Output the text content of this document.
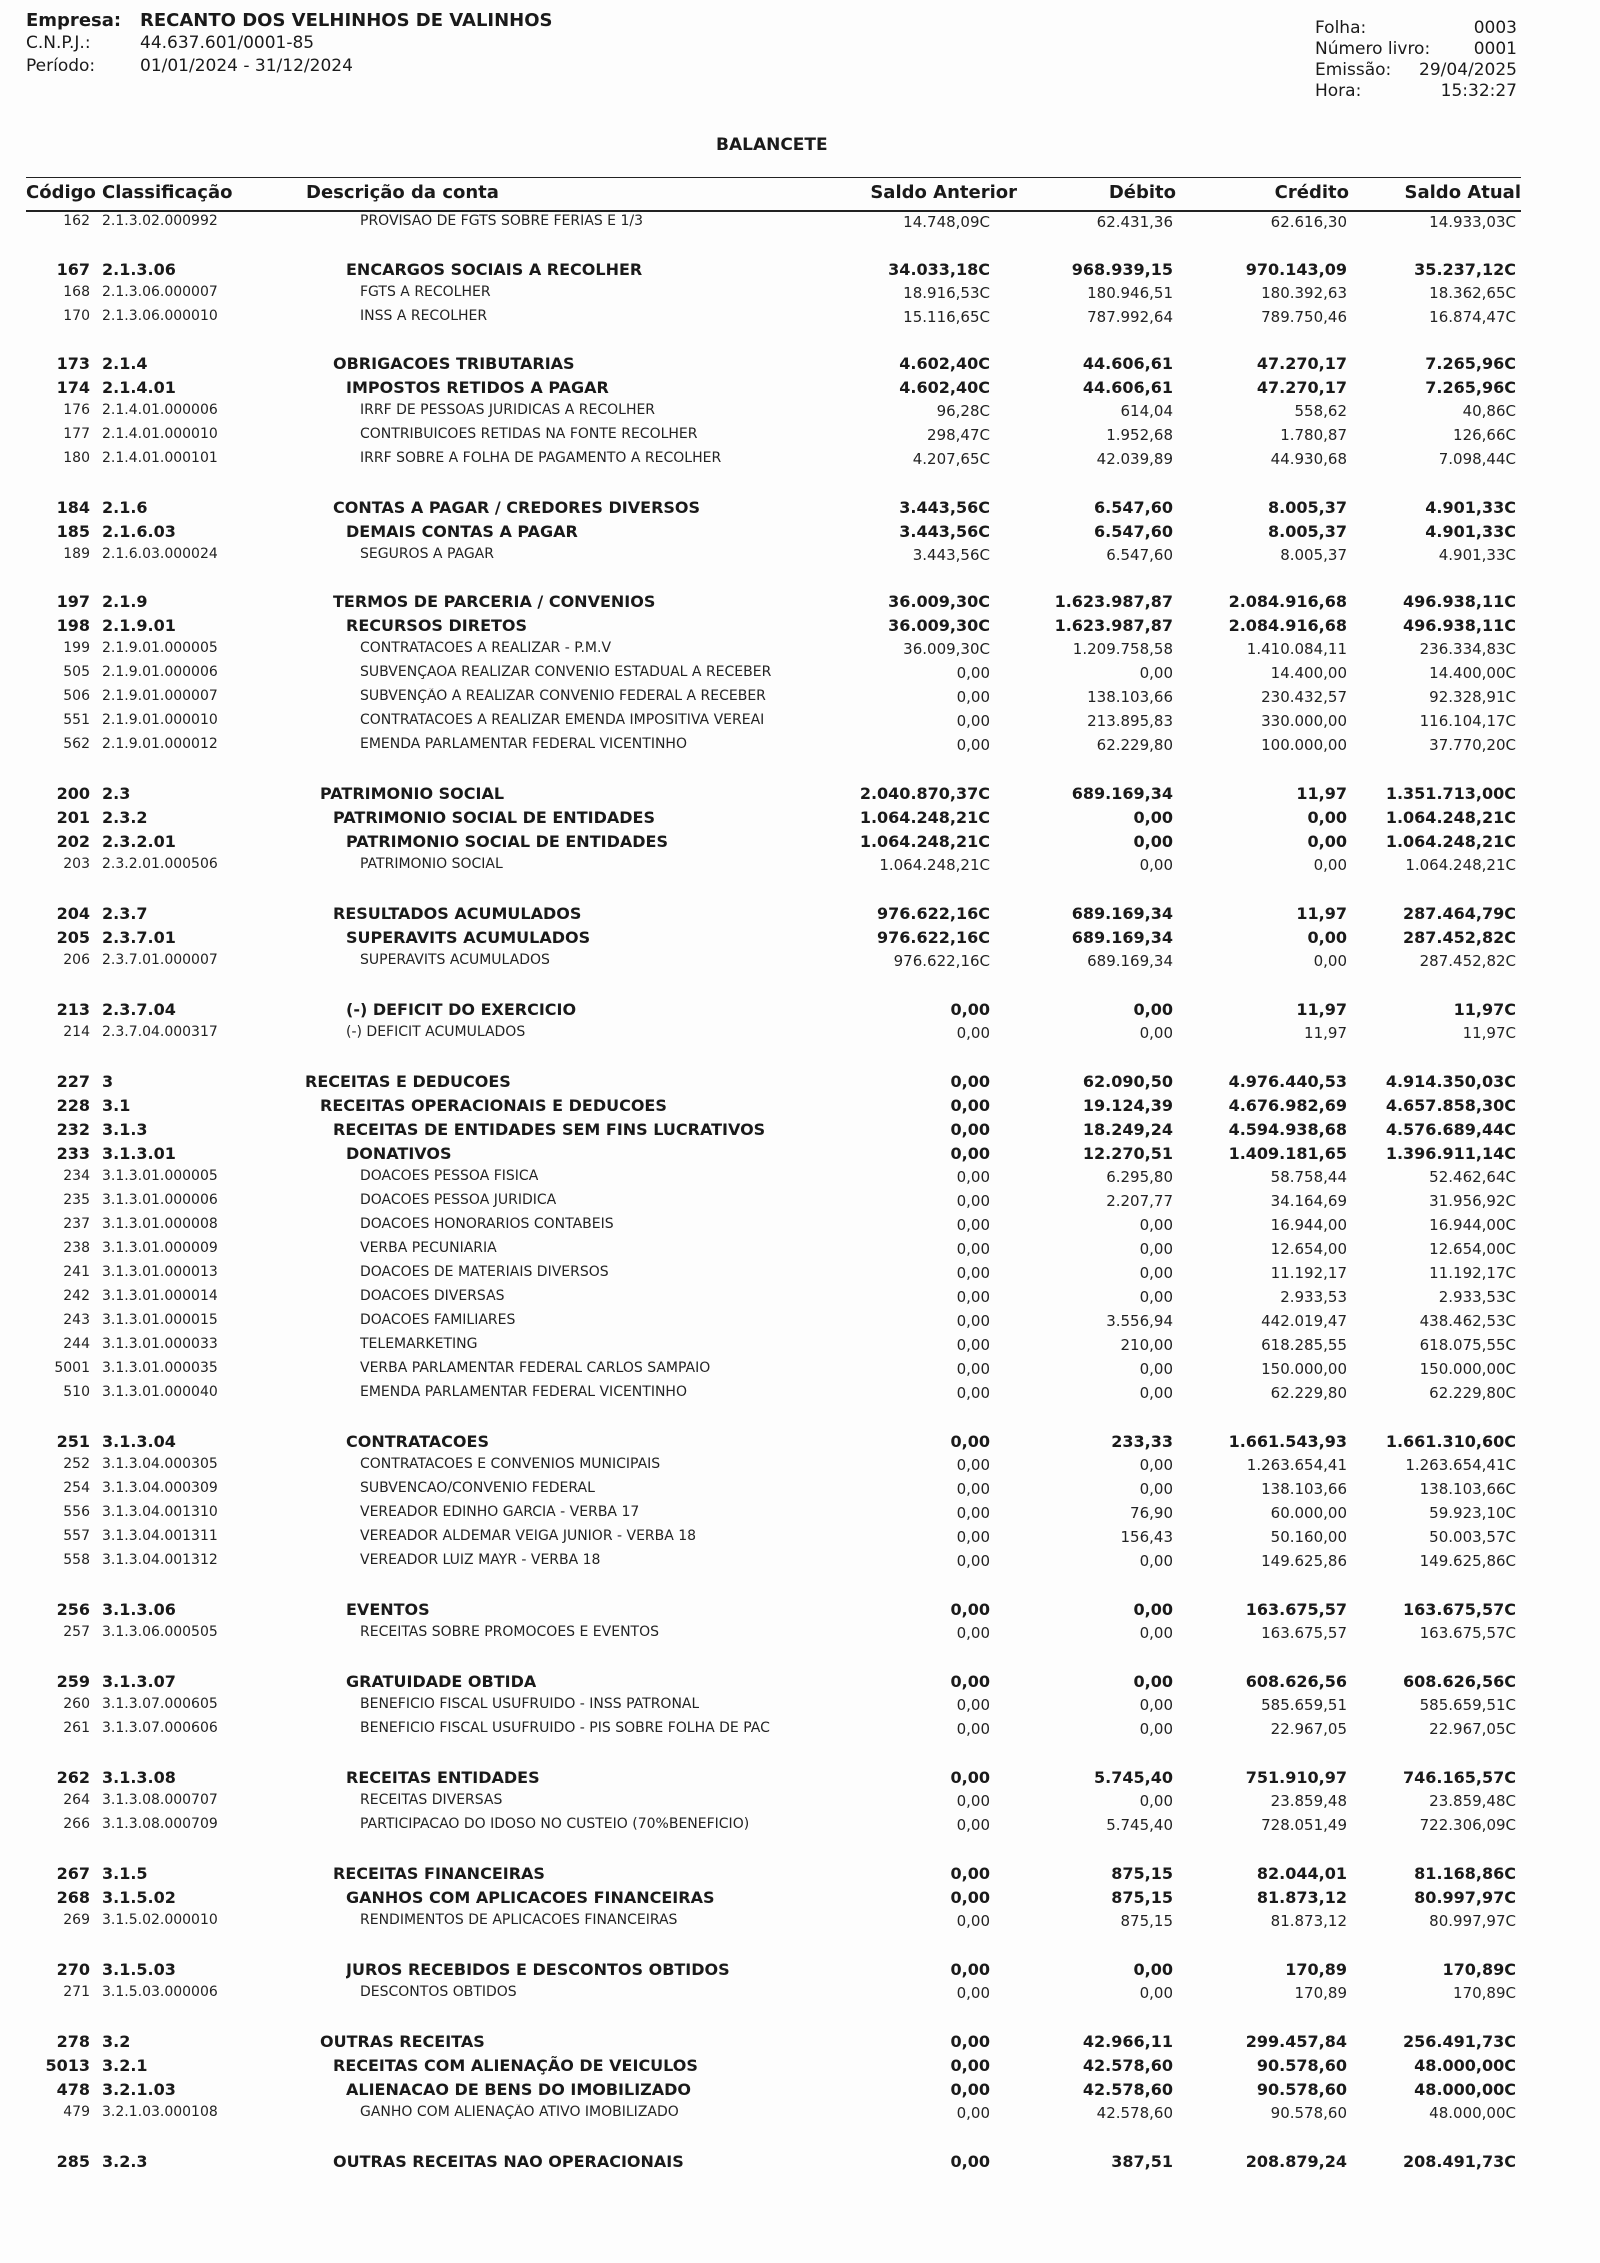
Empresa: RECANTO DOS VELHINHOS DE VALINHOS
C.N.P.J.:	44.637.601/0001-85
Período:	01/01/2024 - 31/12/2024
Folha:	0003
Número livro:	0001
Emissão: 29/04/2025
Hora:	15:32:27
BALANCETE
Código Classificação	Descrição da conta	Saldo Anterior	Débito	Crédito	Saldo Atual
162 2.1.3.02.000992	PROVISAO DE FGTS SOBRE FERIAS E 1/3	14.748,09C	62.431,36	62.616,30	14.933,03C
167 2.1.3.06	ENCARGOS SOCIAIS A RECOLHER	34.033,18C	968.939,15	970.143,09	35.237,12C
168 2.1.3.06.000007	FGTS A RECOLHER	18.916,53C	180.946,51	180.392,63	18.362,65C
170 2.1.3.06.000010	INSS A RECOLHER	15.116,65C	787.992,64	789.750,46	16.874,47C
173 2.1.4	OBRIGACOES TRIBUTARIAS	4.602,40C	44.606,61	47.270,17	7.265,96C
174 2.1.4.01	IMPOSTOS RETIDOS A PAGAR	4.602,40C	44.606,61	47.270,17	7.265,96C
176 2.1.4.01.000006	IRRF DE PESSOAS JURIDICAS A RECOLHER	96,28C	614,04	558,62	40,86C
177 2.1.4.01.000010	CONTRIBUICOES RETIDAS NA FONTE RECOLHER	298,47C	1.952,68	1.780,87	126,66C
180 2.1.4.01.000101	IRRF SOBRE A FOLHA DE PAGAMENTO A RECOLHER	4.207,65C	42.039,89	44.930,68	7.098,44C
184 2.1.6	CONTAS A PAGAR / CREDORES DIVERSOS	3.443,56C	6.547,60	8.005,37	4.901,33C
185 2.1.6.03	DEMAIS CONTAS A PAGAR	3.443,56C	6.547,60	8.005,37	4.901,33C
189 2.1.6.03.000024	SEGUROS A PAGAR	3.443,56C	6.547,60	8.005,37	4.901,33C
197 2.1.9	TERMOS DE PARCERIA / CONVENIOS	36.009,30C	1.623.987,87	2.084.916,68	496.938,11C
198 2.1.9.01	RECURSOS DIRETOS	36.009,30C	1.623.987,87	2.084.916,68	496.938,11C
199 2.1.9.01.000005	CONTRATACOES A REALIZAR - P.M.V	36.009,30C	1.209.758,58	1.410.084,11	236.334,83C
505 2.1.9.01.000006	SUBVENÇAOA REALIZAR CONVENIO ESTADUAL A RECEBER	0,00	0,00	14.400,00	14.400,00C
506 2.1.9.01.000007	SUBVENÇÃO A REALIZAR CONVENIO FEDERAL A RECEBER	0,00	138.103,66	230.432,57	92.328,91C
551 2.1.9.01.000010	CONTRATACOES A REALIZAR EMENDA IMPOSITIVA VEREAI	0,00	213.895,83	330.000,00	116.104,17C
562 2.1.9.01.000012	EMENDA PARLAMENTAR FEDERAL VICENTINHO	0,00	62.229,80	100.000,00	37.770,20C
200 2.3	PATRIMONIO SOCIAL	2.040.870,37C	689.169,34	11,97 1.351.713,00C
201 2.3.2	PATRIMONIO SOCIAL DE ENTIDADES	1.064.248,21C	0,00	0,00 1.064.248,21C
202 2.3.2.01	PATRIMONIO SOCIAL DE ENTIDADES	1.064.248,21C	0,00	0,00 1.064.248,21C
203 2.3.2.01.000506	PATRIMONIO SOCIAL	1.064.248,21C	0,00	0,00	1.064.248,21C
204 2.3.7	RESULTADOS ACUMULADOS	976.622,16C	689.169,34	11,97	287.464,79C
205 2.3.7.01	SUPERAVITS ACUMULADOS	976.622,16C	689.169,34	0,00	287.452,82C
206 2.3.7.01.000007	SUPERAVITS ACUMULADOS	976.622,16C	689.169,34	0,00	287.452,82C
213 2.3.7.04	(-) DEFICIT DO EXERCICIO	0,00	0,00	11,97	11,97C
214 2.3.7.04.000317	(-) DEFICIT ACUMULADOS	0,00	0,00	11,97	11,97C
227 3	RECEITAS E DEDUCOES	0,00	62.090,50	4.976.440,53 4.914.350,03C
228 3.1	RECEITAS OPERACIONAIS E DEDUCOES	0,00	19.124,39	4.676.982,69 4.657.858,30C
232 3.1.3	RECEITAS DE ENTIDADES SEM FINS LUCRATIVOS	0,00	18.249,24	4.594.938,68 4.576.689,44C
233 3.1.3.01	DONATIVOS	0,00	12.270,51	1.409.181,65 1.396.911,14C
234 3.1.3.01.000005	DOACOES PESSOA FISICA	0,00	6.295,80	58.758,44	52.462,64C
235 3.1.3.01.000006	DOACOES PESSOA JURIDICA	0,00	2.207,77	34.164,69	31.956,92C
237 3.1.3.01.000008	DOACOES HONORARIOS CONTABEIS	0,00	0,00	16.944,00	16.944,00C
238 3.1.3.01.000009	VERBA PECUNIARIA	0,00	0,00	12.654,00	12.654,00C
241 3.1.3.01.000013	DOACOES DE MATERIAIS DIVERSOS	0,00	0,00	11.192,17	11.192,17C
242 3.1.3.01.000014	DOACOES DIVERSAS	0,00	0,00	2.933,53	2.933,53C
243 3.1.3.01.000015	DOACOES FAMILIARES	0,00	3.556,94	442.019,47	438.462,53C
244 3.1.3.01.000033	TELEMARKETING	0,00	210,00	618.285,55	618.075,55C
5001 3.1.3.01.000035	VERBA PARLAMENTAR FEDERAL CARLOS SAMPAIO	0,00	0,00	150.000,00	150.000,00C
510 3.1.3.01.000040	EMENDA PARLAMENTAR FEDERAL VICENTINHO	0,00	0,00	62.229,80	62.229,80C
251 3.1.3.04	CONTRATACOES	0,00	233,33	1.661.543,93 1.661.310,60C
252 3.1.3.04.000305	CONTRATACOES E CONVENIOS MUNICIPAIS	0,00	0,00	1.263.654,41	1.263.654,41C
254 3.1.3.04.000309	SUBVENCAO/CONVENIO FEDERAL	0,00	0,00	138.103,66	138.103,66C
556 3.1.3.04.001310	VEREADOR EDINHO GARCIA - VERBA 17	0,00	76,90	60.000,00	59.923,10C
557 3.1.3.04.001311	VEREADOR ALDEMAR VEIGA JUNIOR - VERBA 18	0,00	156,43	50.160,00	50.003,57C
558 3.1.3.04.001312	VEREADOR LUIZ MAYR - VERBA 18	0,00	0,00	149.625,86	149.625,86C
256 3.1.3.06	EVENTOS	0,00	0,00	163.675,57	163.675,57C
257 3.1.3.06.000505	RECEITAS SOBRE PROMOCOES E EVENTOS	0,00	0,00	163.675,57	163.675,57C
259 3.1.3.07	GRATUIDADE OBTIDA	0,00	0,00	608.626,56	608.626,56C
260 3.1.3.07.000605	BENEFICIO FISCAL USUFRUIDO - INSS PATRONAL	0,00	0,00	585.659,51	585.659,51C
261 3.1.3.07.000606	BENEFICIO FISCAL USUFRUIDO - PIS SOBRE FOLHA DE PAC	0,00	0,00	22.967,05	22.967,05C
262 3.1.3.08	RECEITAS ENTIDADES	0,00	5.745,40	751.910,97	746.165,57C
264 3.1.3.08.000707	RECEITAS DIVERSAS	0,00	0,00	23.859,48	23.859,48C
266 3.1.3.08.000709	PARTICIPACAO DO IDOSO NO CUSTEIO (70%BENEFICIO)	0,00	5.745,40	728.051,49	722.306,09C
267 3.1.5	RECEITAS FINANCEIRAS	0,00	875,15	82.044,01	81.168,86C
268 3.1.5.02	GANHOS COM APLICACOES FINANCEIRAS	0,00	875,15	81.873,12	80.997,97C
269 3.1.5.02.000010	RENDIMENTOS DE APLICACOES FINANCEIRAS	0,00	875,15	81.873,12	80.997,97C
270 3.1.5.03	JUROS RECEBIDOS E DESCONTOS OBTIDOS	0,00	0,00	170,89	170,89C
271 3.1.5.03.000006	DESCONTOS OBTIDOS	0,00	0,00	170,89	170,89C
278 3.2	OUTRAS RECEITAS	0,00	42.966,11	299.457,84	256.491,73C
5013 3.2.1	RECEITAS COM ALIENAÇÃO DE VEICULOS	0,00	42.578,60	90.578,60	48.000,00C
478 3.2.1.03	ALIENACAO DE BENS DO IMOBILIZADO	0,00	42.578,60	90.578,60	48.000,00C
479 3.2.1.03.000108	GANHO COM ALIENAÇÃO ATIVO IMOBILIZADO	0,00	42.578,60	90.578,60	48.000,00C
285 3.2.3	OUTRAS RECEITAS NAO OPERACIONAIS	0,00	387,51	208.879,24	208.491,73C
